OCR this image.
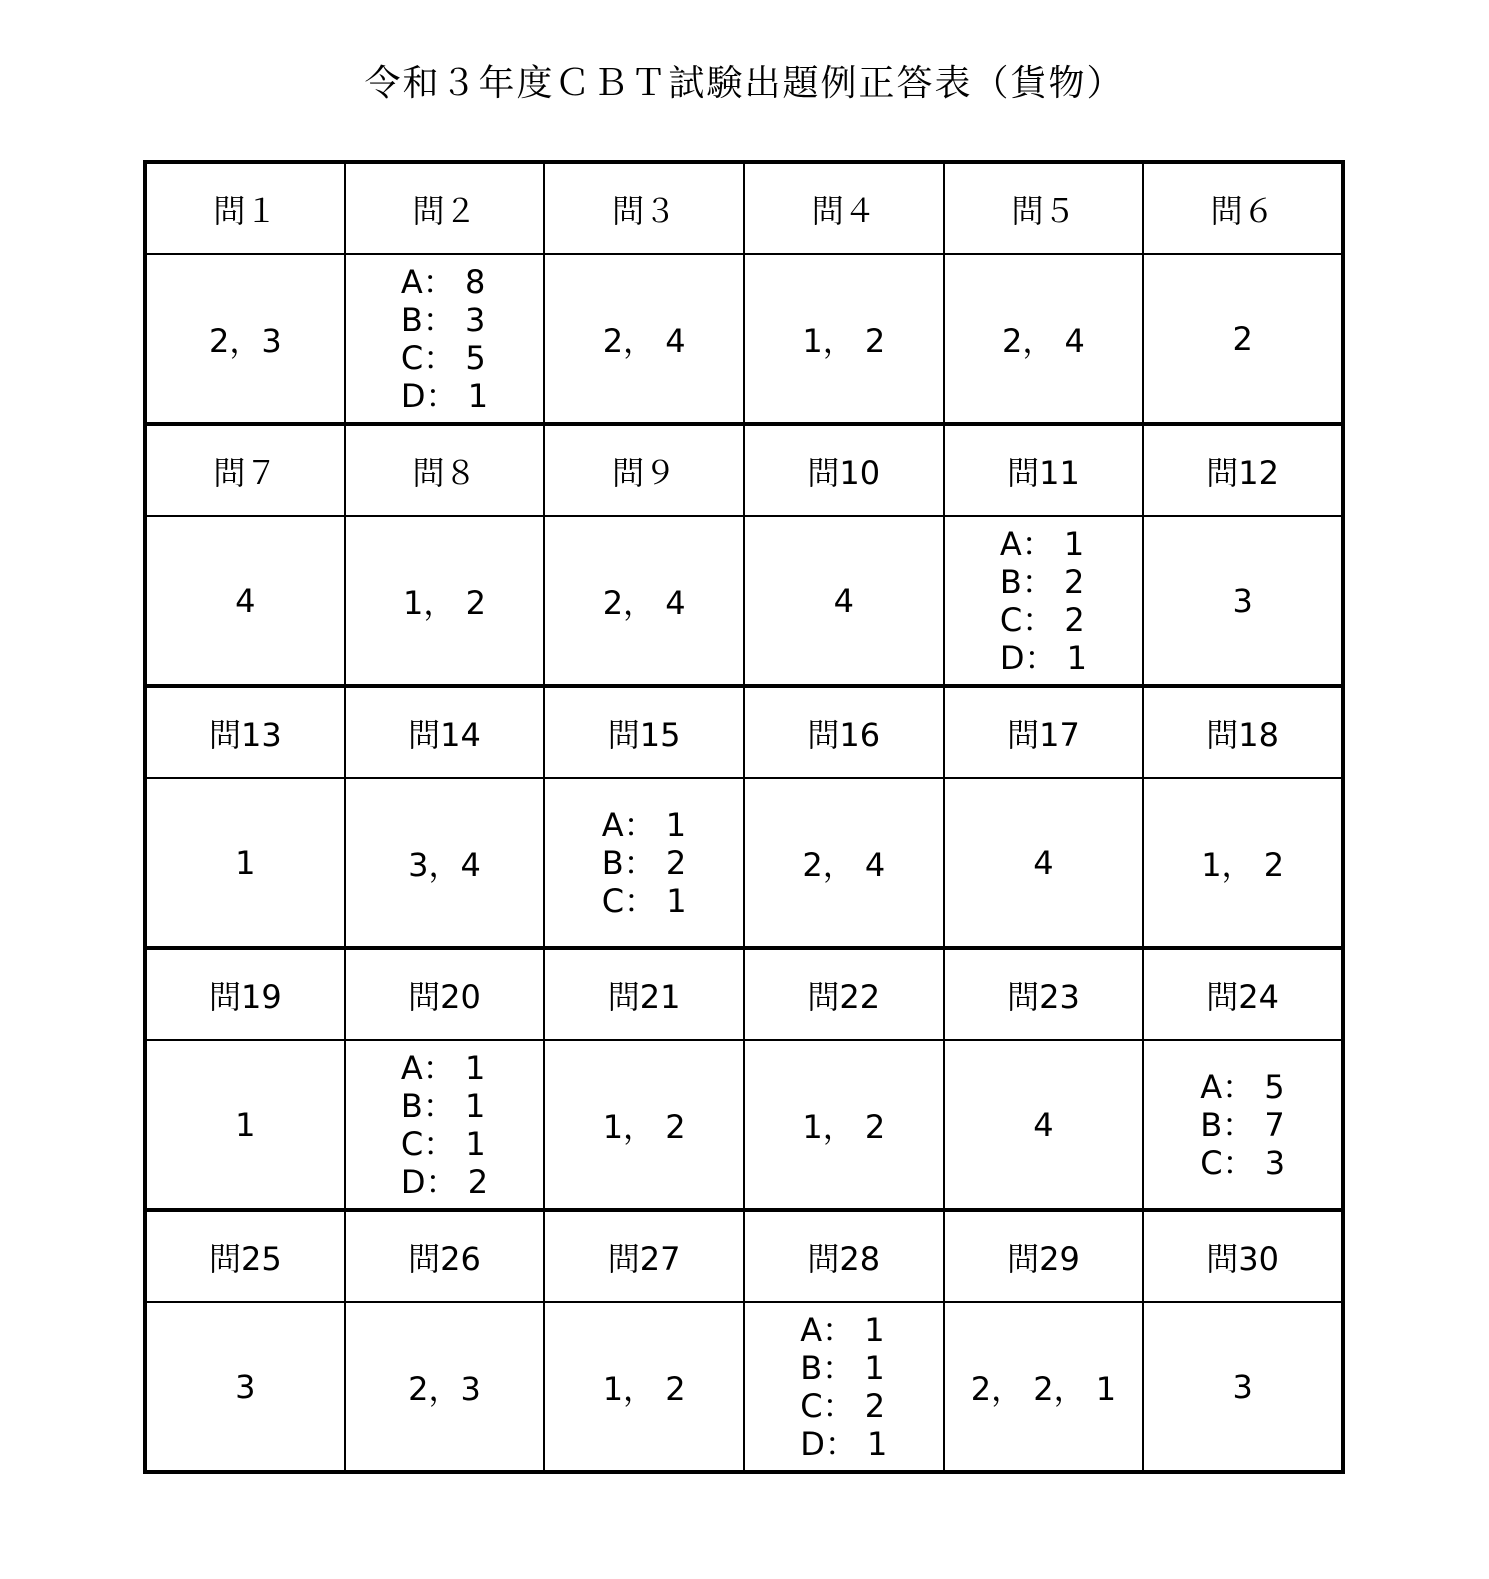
令和３年度ＣＢＴ試験出題例正答表（貨物）
問１	問２	問３	問４	問５	問６
2，3	A： 8
B： 3
C： 5
D： 1	2， 4	1， 2	2， 4	2
問７	問８	問９	問10	問11	問12
4	1， 2	2， 4	4	A： 1
B： 2
C： 2
D： 1	3
問13	問14	問15	問16	問17	問18
1	3，4	A： 1
B： 2
C： 1	2， 4	4	1， 2
問19	問20	問21	問22	問23	問24
1	A： 1
B： 1
C： 1
D： 2	1， 2	1， 2	4	A： 5
B： 7
C： 3

問25	問26	問27	問28	問29	問30
3	2，3	1， 2	A： 1
B： 1
C： 2
D： 1	2， 2， 1	3
